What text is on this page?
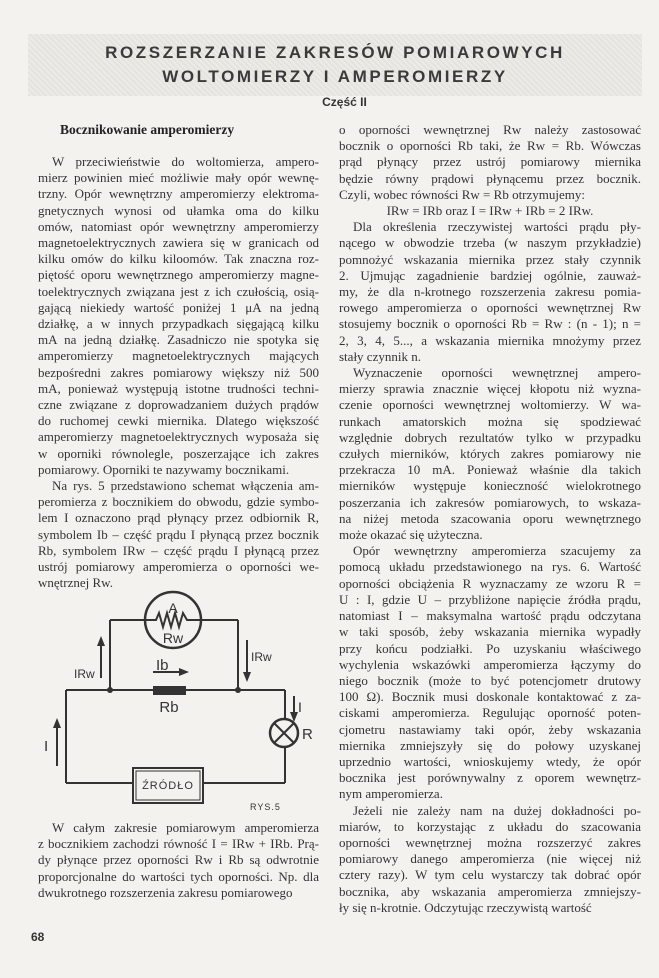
ROZSZERZANIE ZAKRESÓW POMIAROWYCH
WOLTOMIERZY I AMPEROMIERZY
Część II
Bocznikowanie amperomierzy
W przeciwieństwie do woltomierza, ampero-
mierz powinien mieć możliwie mały opór wewnę-
trzny. Opór wewnętrzny amperomierzy elektroma-
gnetycznych wynosi od ułamka oma do kilku
omów, natomiast opór wewnętrzny amperomierzy
magnetoelektrycznych zawiera się w granicach od
kilku omów do kilku kiloomów. Tak znaczna roz-
piętość oporu wewnętrznego amperomierzy magne-
toelektrycznych związana jest z ich czułością, osią-
gającą niekiedy wartość poniżej 1 μA na jedną
działkę, a w innych przypadkach sięgającą kilku
mA na jedną działkę. Zasadniczo nie spotyka się
amperomierzy magnetoelektrycznych mających
bezpośredni zakres pomiarowy większy niż 500
mA, ponieważ występują istotne trudności techni-
czne związane z doprowadzaniem dużych prądów
do ruchomej cewki miernika. Dlatego większość
amperomierzy magnetoelektrycznych wyposaża się
w oporniki równolegle, poszerzające ich zakres
pomiarowy. Oporniki te nazywamy bocznikami.
Na rys. 5 przedstawiono schemat włączenia am-
peromierza z bocznikiem do obwodu, gdzie symbo-
lem I oznaczono prąd płynący przez odbiornik R,
symbolem Ib – część prądu I płynącą przez bocznik
Rb, symbolem IRw – część prądu I płynącą przez
ustrój pomiarowy amperomierza o oporności we-
wnętrznej Rw.
A
Rw
IRw
IRw
Ib
Rb	I
R
I
ŹRÓDŁO
RYS.5
W całym zakresie pomiarowym amperomierza
z bocznikiem zachodzi równość I = IRw + IRb. Prą-
dy płynące przez oporności Rw i Rb są odwrotnie
proporcjonalne do wartości tych oporności. Np. dla
dwukrotnego rozszerzenia zakresu pomiarowego
o oporności wewnętrznej Rw należy zastosować
bocznik o oporności Rb taki, że Rw = Rb. Wówczas
prąd płynący przez ustrój pomiarowy miernika
będzie równy prądowi płynącemu przez bocznik.
Czyli, wobec równości Rw = Rb otrzymujemy:
IRw = IRb oraz I = IRw + IRb = 2 IRw.
Dla określenia rzeczywistej wartości prądu pły-
nącego w obwodzie trzeba (w naszym przykładzie)
pomnożyć wskazania miernika przez stały czynnik
2. Ujmując zagadnienie bardziej ogólnie, zauważ-
my, że dla n-krotnego rozszerzenia zakresu pomia-
rowego amperomierza o oporności wewnętrznej Rw
stosujemy bocznik o oporności Rb = Rw : (n - 1); n =
2, 3, 4, 5..., a wskazania miernika mnożymy przez
stały czynnik n.
Wyznaczenie oporności wewnętrznej ampero-
mierzy sprawia znacznie więcej kłopotu niż wyzna-
czenie oporności wewnętrznej woltomierzy. W wa-
runkach amatorskich można się spodziewać
względnie dobrych rezultatów tylko w przypadku
czułych mierników, których zakres pomiarowy nie
przekracza 10 mA. Ponieważ właśnie dla takich
mierników występuje konieczność wielokrotnego
poszerzania ich zakresów pomiarowych, to wskaza-
na niżej metoda szacowania oporu wewnętrznego
może okazać się użyteczna.
Opór wewnętrzny amperomierza szacujemy za
pomocą układu przedstawionego na rys. 6. Wartość
oporności obciążenia R wyznaczamy ze wzoru R =
U : I, gdzie U – przybliżone napięcie źródła prądu,
natomiast I – maksymalna wartość prądu odczytana
w taki sposób, żeby wskazania miernika wypadły
przy końcu podziałki. Po uzyskaniu właściwego
wychylenia wskazówki amperomierza łączymy do
niego bocznik (może to być potencjometr drutowy
100 Ω). Bocznik musi doskonale kontaktować z za-
ciskami amperomierza. Regulując oporność poten-
cjometru nastawiamy taki opór, żeby wskazania
miernika zmniejszyły się do połowy uzyskanej
uprzednio wartości, wnioskujemy wtedy, że opór
bocznika jest porównywalny z oporem wewnętrz-
nym amperomierza.
Jeżeli nie zależy nam na dużej dokładności po-
miarów, to korzystając z układu do szacowania
oporności wewnętrznej można rozszerzyć zakres
pomiarowy danego amperomierza (nie więcej niż
cztery razy). W tym celu wystarczy tak dobrać opór
bocznika, aby wskazania amperomierza zmniejszy-
ły się n-krotnie. Odczytując rzeczywistą wartość
68
